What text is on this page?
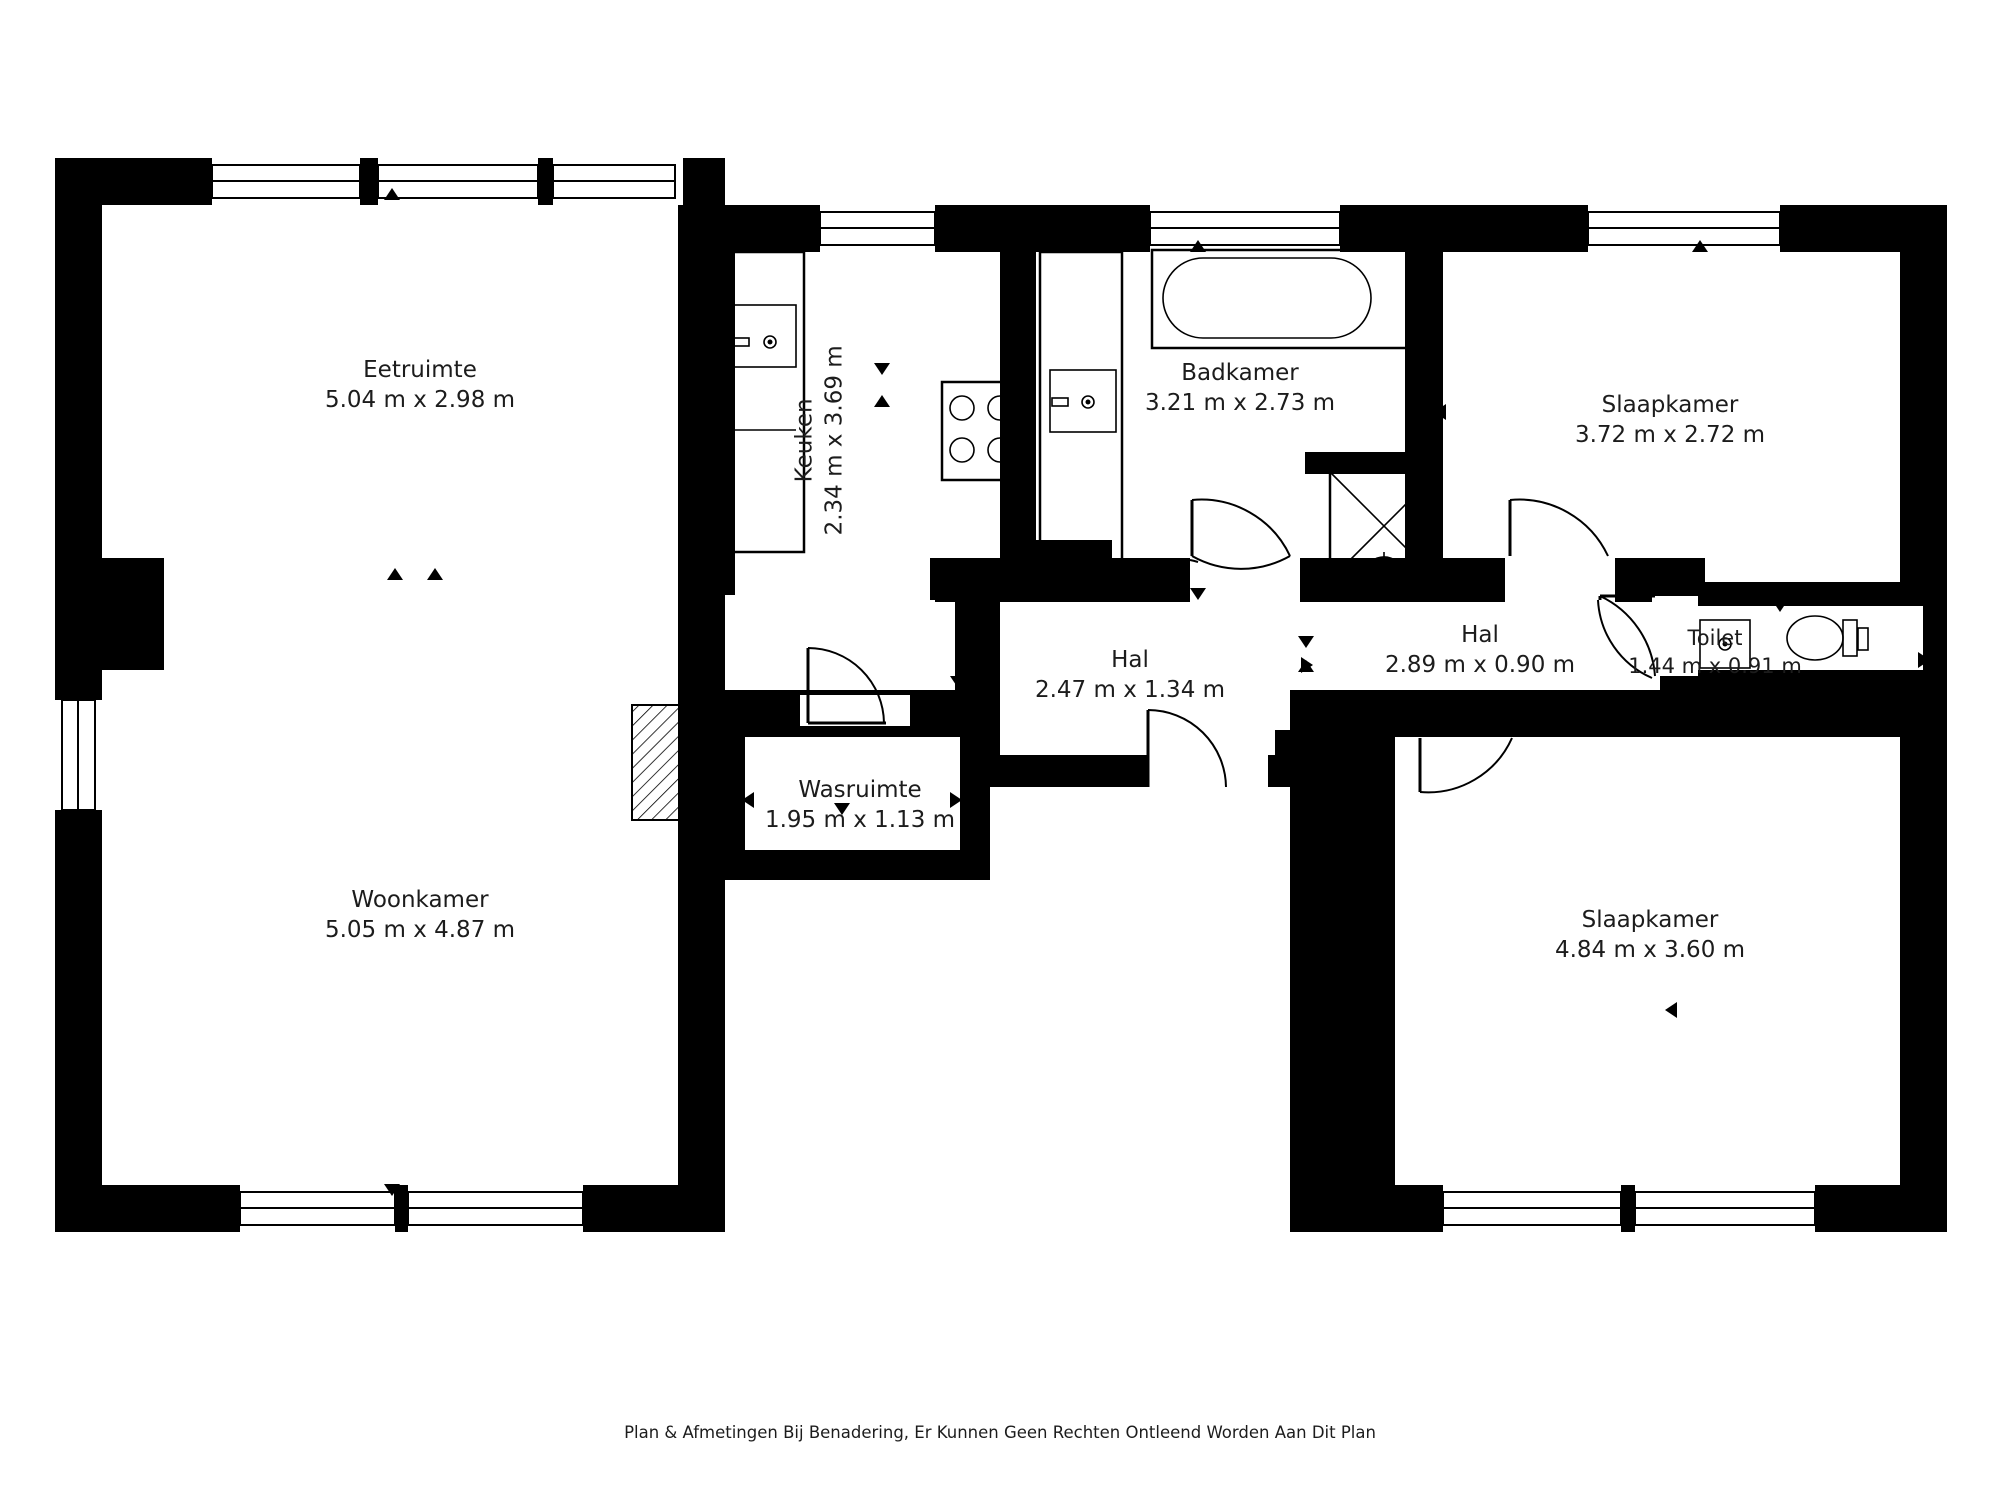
Eetruimte
5.04 m x 2.98 m
Woonkamer
5.05 m x 4.87 m
Keuken 2.34 m x 3.69 m	Badkamer
3.21 m x 2.73 m	Slaapkamer
3.72 m x 2.72 m
Hal
2.47 m x 1.34 m
Hal
2.89 m x 0.90 m
Toilet
1.44 m x 0.91 m
Wasruimte
1.95 m x 1.13 m
Slaapkamer
4.84 m x 3.60 m
Plan & Afmetingen Bij Benadering, Er Kunnen Geen Rechten Ontleend Worden Aan Dit Plan
